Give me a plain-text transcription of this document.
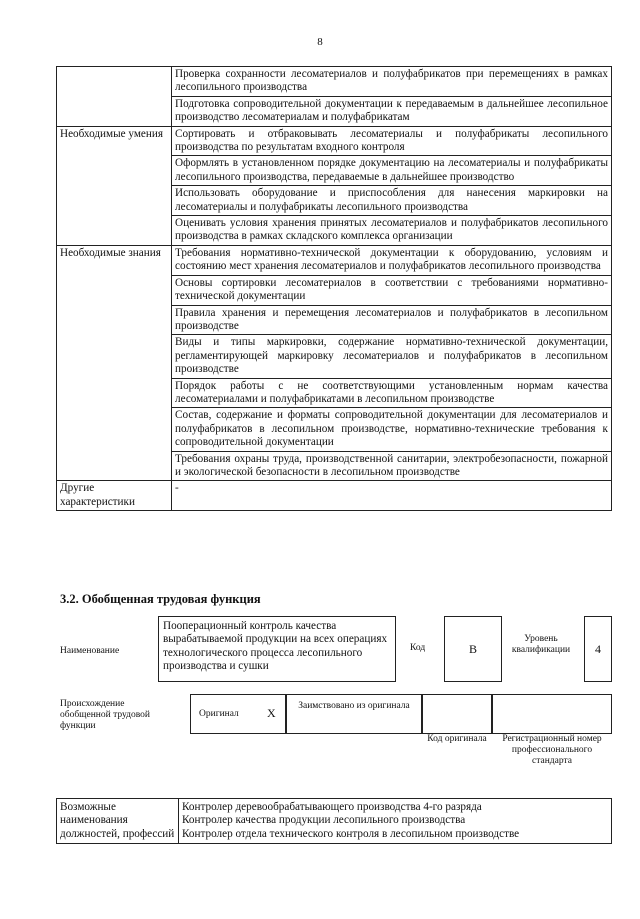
8
	Проверка сохранности лесоматериалов и полуфабрикатов при перемещениях в рамках лесопильного производства
	Подготовка сопроводительной документации к передаваемым в дальнейшее лесопильное производство лесоматериалам и полуфабрикатам
Необходимые умения	Сортировать и отбраковывать лесоматериалы и полуфабрикаты лесопильного производства по результатам входного контроля
	Оформлять в установленном порядке документацию на лесоматериалы и полуфабрикаты лесопильного производства, передаваемые в дальнейшее производство
	Использовать оборудование и приспособления для нанесения маркировки на лесоматериалы и полуфабрикаты лесопильного производства
	Оценивать условия хранения принятых лесоматериалов и полуфабрикатов лесопильного производства в рамках складского комплекса организации
Необходимые знания	Требования нормативно-технической документации к оборудованию, условиям и состоянию мест хранения лесоматериалов и полуфабрикатов лесопильного производства
	Основы сортировки лесоматериалов в соответствии с требованиями нормативно-технической документации
	Правила хранения и перемещения лесоматериалов и полуфабрикатов в лесопильном производстве
	Виды и типы маркировки, содержание нормативно-технической документации, регламентирующей маркировку лесоматериалов и полуфабрикатов в лесопильном производстве
	Порядок работы с не соответствующими установленным нормам качества лесоматериалами и полуфабрикатами в лесопильном производстве
	Состав, содержание и форматы сопроводительной документации для лесоматериалов и полуфабрикатов в лесопильном производстве, нормативно-технические требования к сопроводительной документации
	Требования охраны труда, производственной санитарии, электробезопасности, пожарной и экологической безопасности в лесопильном производстве
Другие характеристики	-
3.2. Обобщенная трудовая функция
Наименование
Пооперационный контроль качества вырабатываемой продукции на всех операциях технологического процесса лесопильного производства и сушки
Код	В
Уровень квалификации	4
Происхождение обобщенной трудовой функции
Оригинал X	Заимствовано из оригинала
Код оригинала	Регистрационный номер профессионального стандарта
Возможные наименования должностей, профессий	
Контролер деревообрабатывающего производства 4-го разряда
Контролер качества продукции лесопильного производства
Контролер отдела технического контроля в лесопильном производстве
